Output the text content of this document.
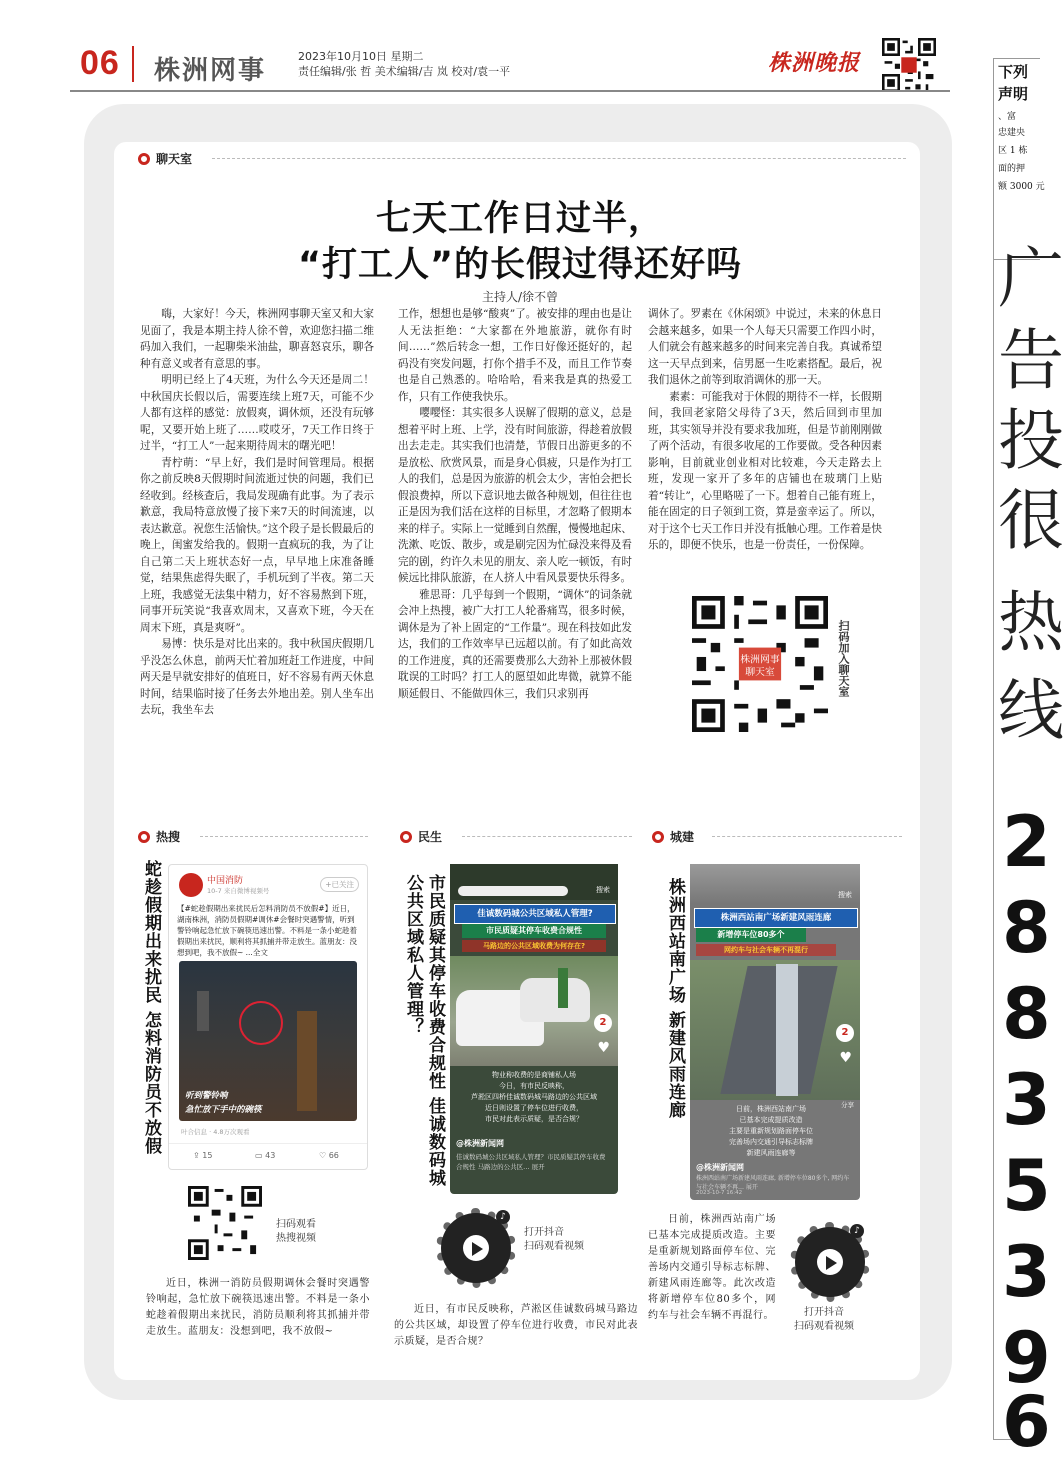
06 株洲网事	2023年10月10日 星期二
责任编辑/张 哲 美术编辑/吉 岚 校对/袁一平	株洲晚报	下列
声明
、富
忠建央
区 1 栋
面的押
额 3000 元
广
告
投
很
热
线
2
8
8
3
5
3
9
6
聊天室
七天工作日过半，
“打工人”的长假过得还好吗
主持人/徐不曾

嗨，大家好！今天，株洲网事聊天室又和大家见面了，我是本期主持人徐不曾，欢迎您扫描二维码加入我们，一起聊柴米油盐，聊喜怒哀乐，聊各种有意义或者有意思的事。

明明已经上了4天班，为什么今天还是周二！中秋国庆长假以后，需要连续上班7天，可能不少人都有这样的感觉：放假爽，调休烦，还没有玩够呢，又要开始上班了……哎哎牙，7天工作日终于过半，“打工人”一起来期待周末的曙光吧！

青柠萌：“早上好，我们是时间管理局。根据你之前反映8天假期时间流逝过快的问题，我们已经收到。经核查后，我局发现确有此事。为了表示歉意，我局特意放慢了接下来7天的时间流速，以表达歉意。祝您生活愉快。”这个段子是长假最后的晚上，闺蜜发给我的。假期一直疯玩的我，为了让自己第二天上班状态好一点，早早地上床准备睡觉，结果焦虑得失眠了，手机玩到了半夜。第二天上班，我感觉无法集中精力，好不容易熬到下班，同事开玩笑说“我喜欢周末，又喜欢下班，今天在周末下班，真是爽呀”。

易博：快乐是对比出来的。我中秋国庆假期几乎没怎么休息，前两天忙着加班赶工作进度，中间两天是早就安排好的值班日，好不容易有两天休息时间，结果临时接了任务去外地出差。别人坐车出去玩，我坐车去

工作，想想也是够“酸爽”了。被安排的理由也是让人无法拒绝：“大家都在外地旅游，就你有时间……”然后转念一想，工作日好像还挺好的，起码没有突发问题，打你个措手不及，而且工作节奏也是自己熟悉的。哈哈哈，看来我是真的热爱工作，只有工作使我快乐。

嘤嘤怪：其实很多人误解了假期的意义，总是想着平时上班、上学，没有时间旅游，得趁着放假出去走走。其实我们也清楚，节假日出游更多的不是放松、欣赏风景，而是身心俱疲，只是作为打工人的我们，总是因为旅游的机会太少，害怕会把长假浪费掉，所以下意识地去做各种规划，但往往也正是因为我们活在这样的目标里，才忽略了假期本来的样子。实际上一觉睡到自然醒，慢慢地起床、洗漱、吃饭、散步，或是刷完因为忙碌没来得及看完的剧，约许久未见的朋友、亲人吃一顿饭，有时候远比排队旅游，在人挤人中看风景要快乐得多。

雅思哥：几乎每到一个假期，“调休”的词条就会冲上热搜，被广大打工人轮番痛骂，很多时候，调休是为了补上固定的“工作量”。现在科技如此发达，我们的工作效率早已远超以前。有了如此高效的工作进度，真的还需要费那么大劲补上那被休假耽误的工时吗？打工人的愿望如此卑微，就算不能顺延假日、不能做四休三，我们只求别再

调休了。罗素在《休闲颂》中说过，未来的休息日会越来越多，如果一个人每天只需要工作四小时，人们就会有越来越多的时间来完善自我。真诚希望这一天早点到来，信男愿一生吃素搭配。最后，祝我们退休之前等到取消调休的那一天。

素素：可能我对于休假的期待不一样，长假期间，我回老家陪父母待了3天，然后回到市里加班，其实领导并没有要求我加班，但是节前刚刚做了两个活动，有很多收尾的工作要做。受各种因素影响，目前就业创业相对比较难，今天走路去上班，发现一家开了多年的店铺也在玻璃门上贴着“转让”，心里略嗟了一下。想着自己能有班上，能在固定的日子领到工资，算是蛮幸运了。所以，对于这个七天工作日并没有抵触心理。工作着是快乐的，即便不快乐，也是一份责任，一份保障。

株洲网事
聊天室	扫码加入聊天室
热搜
蛇趁假期出来扰民 怎料消防员不放假	中国消防
10-7 来自微博视频号
+已关注
【#蛇趁假期出来扰民后怎料消防员不放假#】近日，湖南株洲，消防员假期#调休#会餐时突遇警情，听到警铃响起急忙放下碗筷迅速出警。不料是一条小蛇趁着假期出来扰民，顺利将其抓捕并带走放生。蓝朋友：没想到吧，我不放假~ ...全文
听到警铃响
急忙放下手中的碗筷
叶合信息 · 4.8万次观看
⇪ 15	▭ 43	♡ 66
扫码观看
热搜视频
近日，株洲一消防员假期调休会餐时突遇警铃响起，急忙放下碗筷迅速出警。不料是一条小蛇趁着假期出来扰民，消防员顺利将其抓捕并带走放生。蓝朋友：没想到吧，我不放假~
民生
市民质疑其停车收费合规性 佳诚数码城公共区域私人管理？	搜索
佳诚数码城公共区域私人管理?
市民质疑其停车收费合规性
马路边的公共区域收费为何存在?
2
♥
物业称收费的是商铺私人场
今日，有市民反映称，
芦淞区四桥佳诚数码城马路边的公共区域
近日则设置了停车位进行收费，
市民对此表示质疑，是否合规？
@株洲新闻网
佳诚数码城公共区域私人管理？市民质疑其停车收费合规性 马路边的公共区… 展开
♪
打开抖音
扫码观看视频
近日，有市民反映称，芦淞区佳诚数码城马路边的公共区域，却设置了停车位进行收费，市民对此表示质疑，是否合规？
城建
株洲西站南广场 新建风雨连廊	搜索
株洲西站南广场新建风雨连廊
新增停车位80多个
网约车与社会车辆不再混行
2
♥
日前，株洲西站南广场
已基本完成提质改造
主要是重新规划路面停车位
完善场内交通引导标志标牌
新建风雨连廊等
分享
@株洲新闻网
株洲西站南广场新建风雨连廊, 新增停车位80多个, 网约车与社会车辆不再… 展开
2023-10-7 16:42
日前，株洲西站南广场已基本完成提质改造。主要是重新规划路面停车位、完善场内交通引导标志标牌、新建风雨连廊等。此次改造将新增停车位80多个，网约车与社会车辆不再混行。
♪
打开抖音
扫码观看视频
